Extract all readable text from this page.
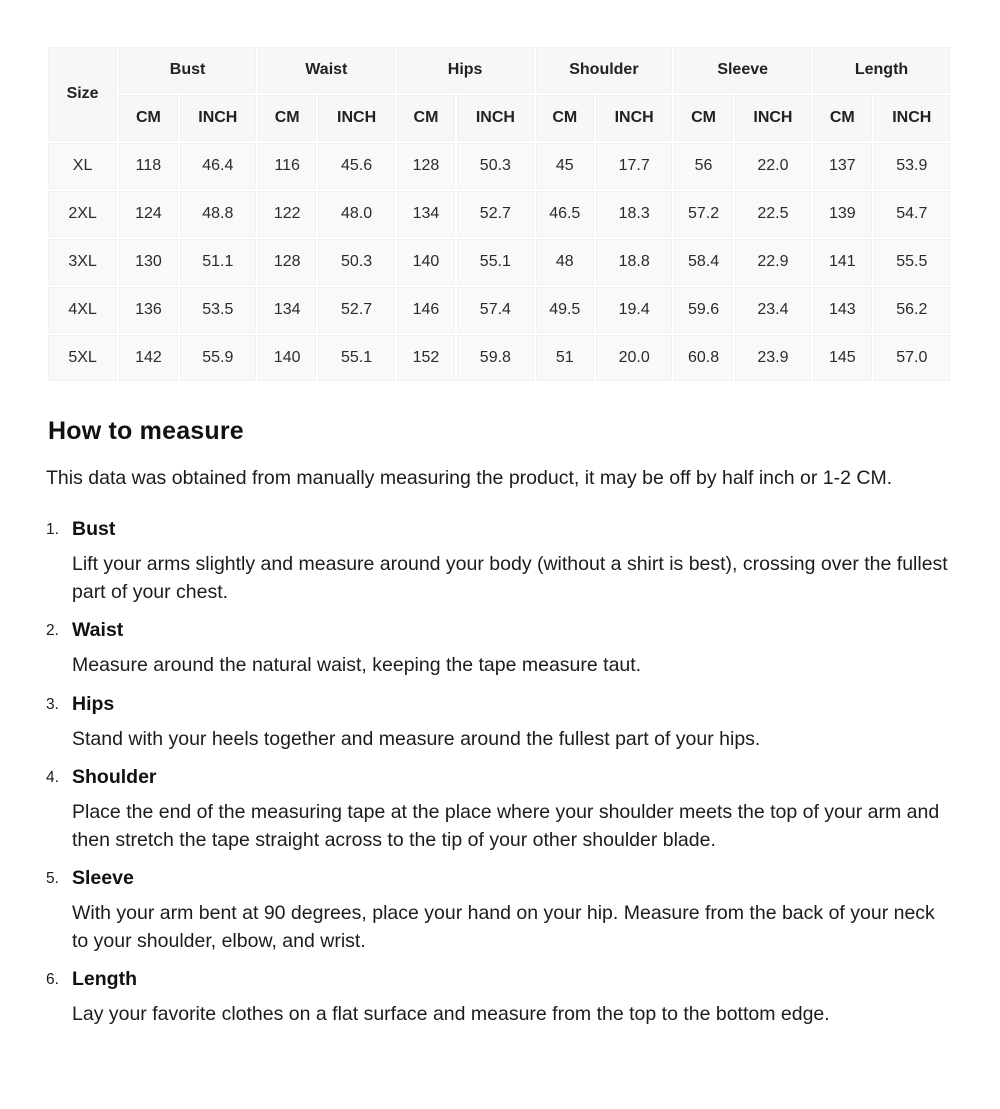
Size	Bust		Waist		Hips		Shoulder		Sleeve		Length	
	CM	INCH	CM	INCH	CM	INCH	CM	INCH	CM	INCH	CM	INCH
XL	118	46.4	116	45.6	128	50.3	45	17.7	56	22.0	137	53.9
2XL	124	48.8	122	48.0	134	52.7	46.5	18.3	57.2	22.5	139	54.7
3XL	130	51.1	128	50.3	140	55.1	48	18.8	58.4	22.9	141	55.5
4XL	136	53.5	134	52.7	146	57.4	49.5	19.4	59.6	23.4	143	56.2
5XL	142	55.9	140	55.1	152	59.8	51	20.0	60.8	23.9	145	57.0
How to measure

This data was obtained from manually measuring the product, it may be off by half inch or 1-2 CM.

Bust

Lift your arms slightly and measure around your body (without a shirt is best), crossing over the fullest part of your chest.

Waist

Measure around the natural waist, keeping the tape measure taut.

Hips

Stand with your heels together and measure around the fullest part of your hips.

Shoulder

Place the end of the measuring tape at the place where your shoulder meets the top of your arm and then stretch the tape straight across to the tip of your other shoulder blade.

Sleeve

With your arm bent at 90 degrees, place your hand on your hip. Measure from the back of your neck to your shoulder, elbow, and wrist.

Length

Lay your favorite clothes on a flat surface and measure from the top to the bottom edge.
